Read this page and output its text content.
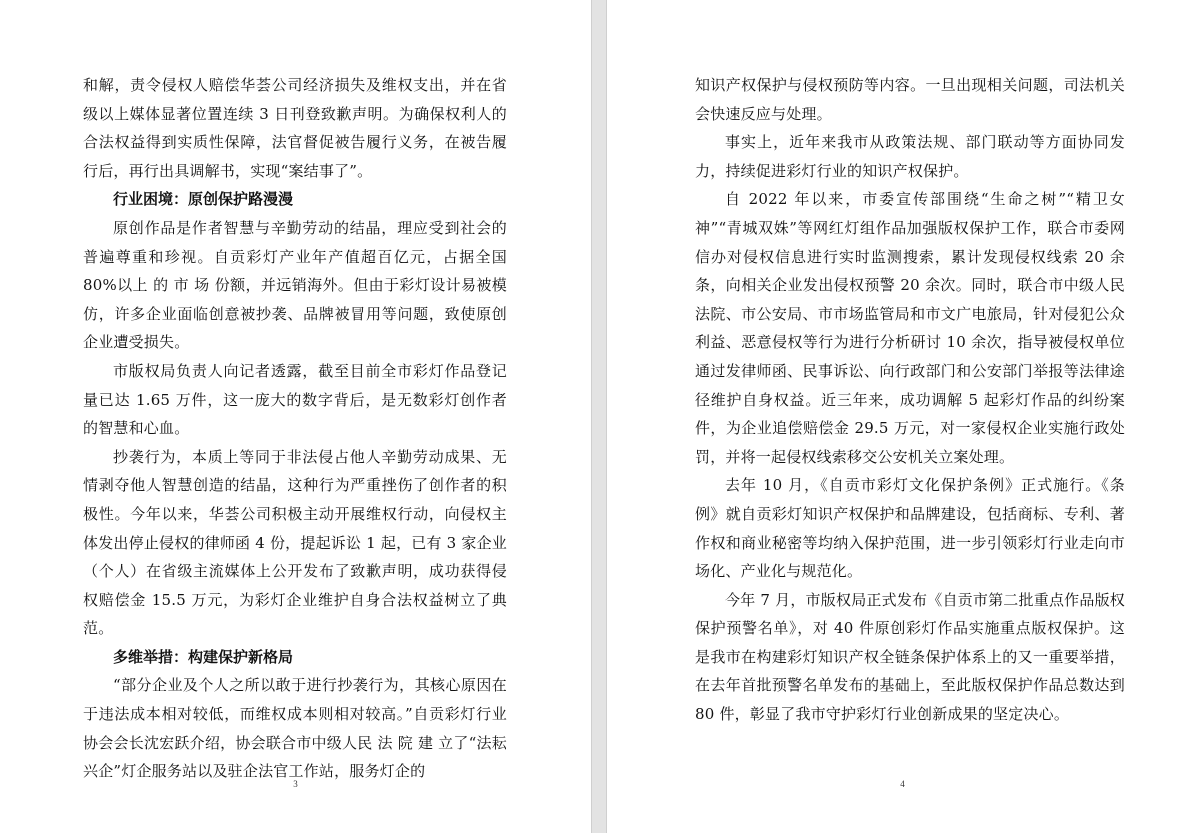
和解，责令侵权人赔偿华荟公司经济损失及维权支出，并在省级以上媒体显著位置连续 3 日刊登致歉声明。为确保权利人的合法权益得到实质性保障，法官督促被告履行义务，在被告履行后，再行出具调解书，实现“案结事了”。

行业困境：原创保护路漫漫

原创作品是作者智慧与辛勤劳动的结晶，理应受到社会的普遍尊重和珍视。自贡彩灯产业年产值超百亿元，占据全国 80%以上 的 市 场 份额，并远销海外。但由于彩灯设计易被模仿，许多企业面临创意被抄袭、品牌被冒用等问题，致使原创企业遭受损失。

市版权局负责人向记者透露，截至目前全市彩灯作品登记量已达 1.65 万件，这一庞大的数字背后，是无数彩灯创作者的智慧和心血。

抄袭行为，本质上等同于非法侵占他人辛勤劳动成果、无情剥夺他人智慧创造的结晶，这种行为严重挫伤了创作者的积极性。今年以来，华荟公司积极主动开展维权行动，向侵权主体发出停止侵权的律师函 4 份，提起诉讼 1 起，已有 3 家企业（个人）在省级主流媒体上公开发布了致歉声明，成功获得侵权赔偿金 15.5 万元，为彩灯企业维护自身合法权益树立了典范。

多维举措：构建保护新格局

“部分企业及个人之所以敢于进行抄袭行为，其核心原因在于违法成本相对较低，而维权成本则相对较高。”自贡彩灯行业协会会长沈宏跃介绍，协会联合市中级人民 法 院 建 立了“法耘兴企”灯企服务站以及驻企法官工作站，服务灯企的

3

知识产权保护与侵权预防等内容。一旦出现相关问题，司法机关会快速反应与处理。

事实上，近年来我市从政策法规、部门联动等方面协同发力，持续促进彩灯行业的知识产权保护。

自 2022 年以来，市委宣传部围绕“生命之树”“精卫女神”“青城双姝”等网红灯组作品加强版权保护工作，联合市委网信办对侵权信息进行实时监测搜索，累计发现侵权线索 20 余条，向相关企业发出侵权预警 20 余次。同时，联合市中级人民法院、市公安局、市市场监管局和市文广电旅局，针对侵犯公众利益、恶意侵权等行为进行分析研讨 10 余次，指导被侵权单位通过发律师函、民事诉讼、向行政部门和公安部门举报等法律途径维护自身权益。近三年来，成功调解 5 起彩灯作品的纠纷案件，为企业追偿赔偿金 29.5 万元，对一家侵权企业实施行政处罚，并将一起侵权线索移交公安机关立案处理。

去年 10 月，《自贡市彩灯文化保护条例》正式施行。《条例》就自贡彩灯知识产权保护和品牌建设，包括商标、专利、著作权和商业秘密等均纳入保护范围，进一步引领彩灯行业走向市场化、产业化与规范化。

今年 7 月，市版权局正式发布《自贡市第二批重点作品版权保护预警名单》，对 40 件原创彩灯作品实施重点版权保护。这是我市在构建彩灯知识产权全链条保护体系上的又一重要举措，在去年首批预警名单发布的基础上，至此版权保护作品总数达到 80 件，彰显了我市守护彩灯行业创新成果的坚定决心。

4
